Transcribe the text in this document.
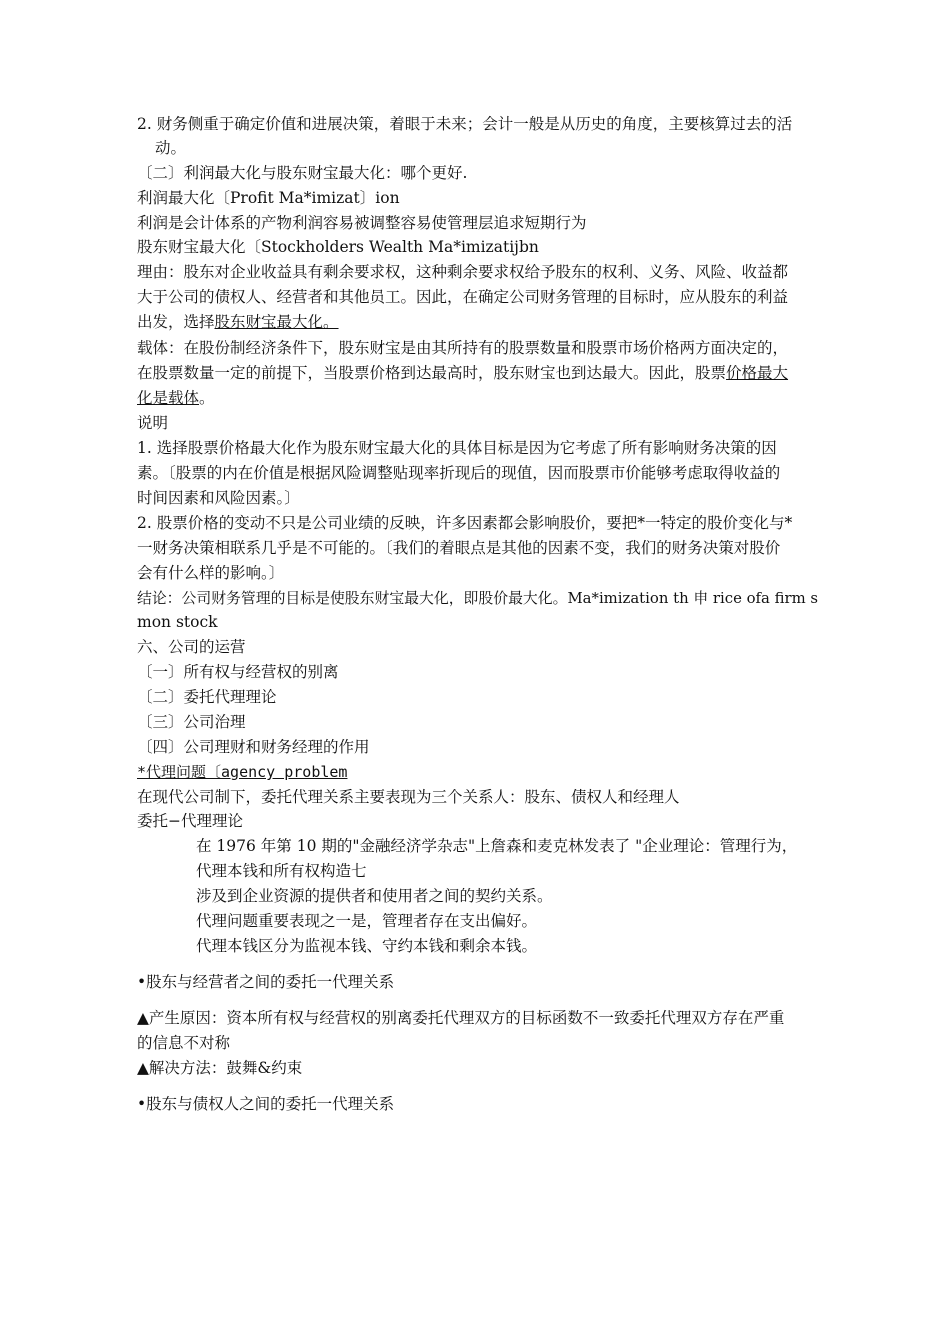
2. 财务侧重于确定价值和进展决策，着眼于未来；会计一般是从历史的角度，主要核算过去的活
动。
〔二〕利润最大化与股东财宝最大化：哪个更好.
利润最大化〔Profit Ma*imizat〕ion
利润是会计体系的产物利润容易被调整容易使管理层追求短期行为
股东财宝最大化〔Stockholders Wealth Ma*imizatijbn
理由：股东对企业收益具有剩余要求权，这种剩余要求权给予股东的权利、义务、风险、收益都
大于公司的债权人、经营者和其他员工。因此，在确定公司财务管理的目标时，应从股东的利益
出发，选择股东财宝最大化。
载体：在股份制经济条件下，股东财宝是由其所持有的股票数量和股票市场价格两方面决定的，
在股票数量一定的前提下，当股票价格到达最高时，股东财宝也到达最大。因此，股票价格最大
化是载体。
说明
1. 选择股票价格最大化作为股东财宝最大化的具体目标是因为它考虑了所有影响财务决策的因
素。〔股票的内在价值是根据风险调整贴现率折现后的现值，因而股票市价能够考虑取得收益的
时间因素和风险因素。〕
2. 股票价格的变动不只是公司业绩的反映，许多因素都会影响股价，要把*一特定的股价变化与*
一财务决策相联系几乎是不可能的。〔我们的着眼点是其他的因素不变，我们的财务决策对股价
会有什么样的影响。〕
结论：公司财务管理的目标是使股东财宝最大化，即股价最大化。Ma*imization th 申 rice ofa firm s
mon stock
六、公司的运营
〔一〕所有权与经营权的别离
〔二〕委托代理理论
〔三〕公司治理
〔四〕公司理财和财务经理的作用
*代理问题〔agency problem
在现代公司制下，委托代理关系主要表现为三个关系人：股东、债权人和经理人
委托−代理理论
在 1976 年第 10 期的"金融经济学杂志"上詹森和麦克林发表了 "企业理论：管理行为，
代理本钱和所有权构造七
涉及到企业资源的提供者和使用者之间的契约关系。
代理问题重要表现之一是，管理者存在支出偏好。
代理本钱区分为监视本钱、守约本钱和剩余本钱。
•股东与经营者之间的委托一代理关系
▲产生原因：资本所有权与经营权的别离委托代理双方的目标函数不一致委托代理双方存在严重
的信息不对称
▲解决方法：鼓舞&约束
•股东与债权人之间的委托一代理关系
